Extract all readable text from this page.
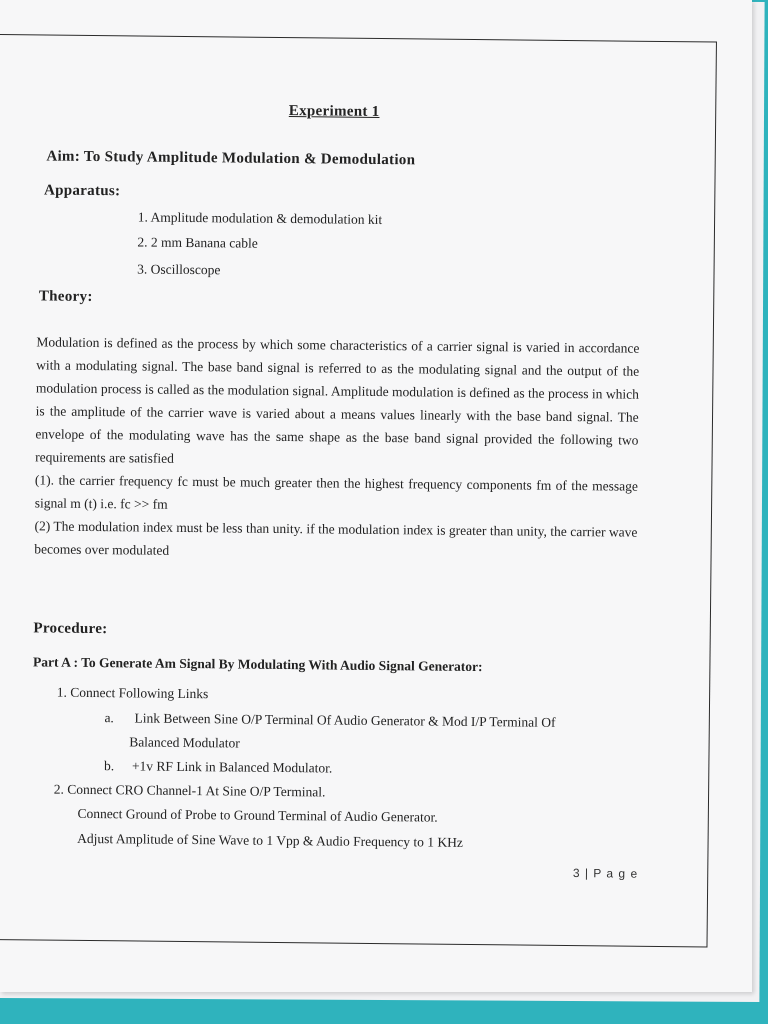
Experiment 1
Aim: To Study Amplitude Modulation & Demodulation
Apparatus:
1. Amplitude modulation & demodulation kit
2. 2 mm Banana cable
3. Oscilloscope
Theory:

Modulation is defined as the process by which some characteristics of a carrier signal is varied in accordance with a modulating signal. The base band signal is referred to as the modulating signal and the output of the modulation process is called as the modulation signal. Amplitude modulation is defined as the process in which is the amplitude of the carrier wave is varied about a means values linearly with the base band signal. The envelope of the modulating wave has the same shape as the base band signal provided the following two requirements are satisfied

(1). the carrier frequency fc must be much greater then the highest frequency components fm of the message signal m (t) i.e. fc >> fm

(2) The modulation index must be less than unity. if the modulation index is greater than unity, the carrier wave becomes over modulated

Procedure:
Part A : To Generate Am Signal By Modulating With Audio Signal Generator:
1. Connect Following Links
a. Link Between Sine O/P Terminal Of Audio Generator & Mod I/P Terminal Of
Balanced Modulator
b. +1v RF Link in Balanced Modulator.
2. Connect CRO Channel-1 At Sine O/P Terminal.
Connect Ground of Probe to Ground Terminal of Audio Generator.
Adjust Amplitude of Sine Wave to 1 Vpp & Audio Frequency to 1 KHz
3 | P a g e
